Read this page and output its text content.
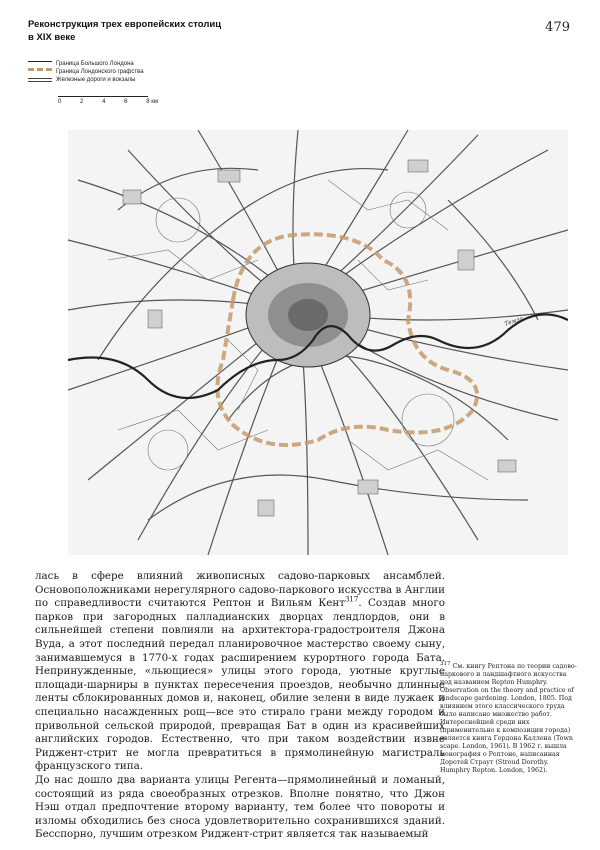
Реконструкция трех европейских столиц
в XIX веке
479
Граница Большого Лондона
Граница Лондонского графства
Железные дороги и вокзалы
0	2	4	6	8 км
Темза

лась в сфере влияний живописных садово-парковых ансамблей. Основоположниками нерегулярного садово-паркового искусства в Англии по справедливости считаются Рептон и Вильям Кент$^{317}$. Создав много парков при загородных палладианских дворцах лендлордов, они в сильнейшей степени повлияли на архитектора-градостроителя Джона Вуда, а этот последний передал планировочное мастерство своему сыну, занимавшемуся в 1770-х годах расширением курортного города Бата. Непринужденные, «льющиеся» улицы этого города, уютные круглые площади-шарниры в пунктах пересечения проездов, необычно длинные ленты сблокированных домов и, наконец, обилие зелени в виде лужаек и специально насажденных рощ—все это стирало грани между городом и привольной сельской природой, превращая Бат в один из красивейших английских городов. Естественно, что при таком воздействии извне Риджент-стрит не могла превратиться в прямолинейную магистраль французского типа.

До нас дошло два варианта улицы Регента—прямолинейный и ломаный, состоящий из ряда своеобразных отрезков. Вполне понятно, что Джон Нэш отдал предпочтение второму варианту, тем более что повороты и изломы обходились без сноса удовлетворительно сохранившихся зданий. Бесспорно, лучшим отрезком Риджент-стрит является так называемый

317 См. книгу Рептона по теории садово-паркового и ландшафтного искусства под названием Repton Humphry. Observation on the theory and practice of landscape gardening. London, 1805. Под влиянием этого классического труда было написано множество работ. Интереснейшей среди них (применительно к композиции города) является книга Гордона Каллена (Town scape. London, 1961). В 1962 г. вышла монография о Рептоне, написанная Доротей Страут (Stroud Dorothy. Humphry Repton. London, 1962).
